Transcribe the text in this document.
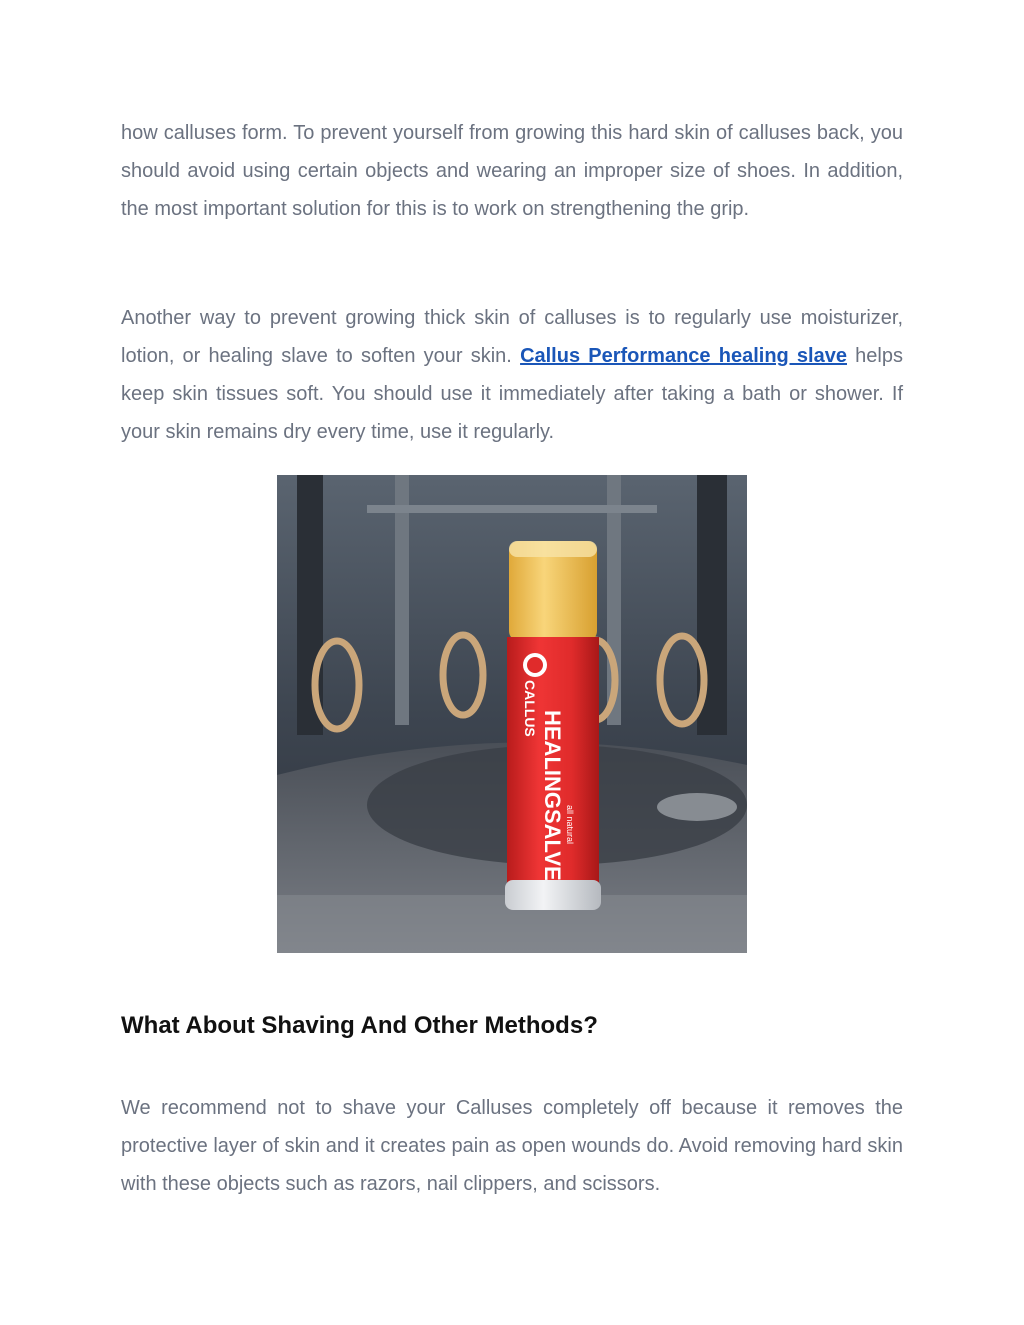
how calluses form. To prevent yourself from growing this hard skin of calluses back, you should avoid using certain objects and wearing an improper size of shoes. In addition, the most important solution for this is to work on strengthening the grip.

Another way to prevent growing thick skin of calluses is to regularly use moisturizer, lotion, or healing slave to soften your skin. Callus Performance healing slave helps keep skin tissues soft. You should use it immediately after taking a bath or shower. If your skin remains dry every time, use it regularly.

CALLUS
HEALINGSALVE all natural
What About Shaving And Other Methods?

We recommend not to shave your Calluses completely off because it removes the protective layer of skin and it creates pain as open wounds do. Avoid removing hard skin with these objects such as razors, nail clippers, and scissors.
